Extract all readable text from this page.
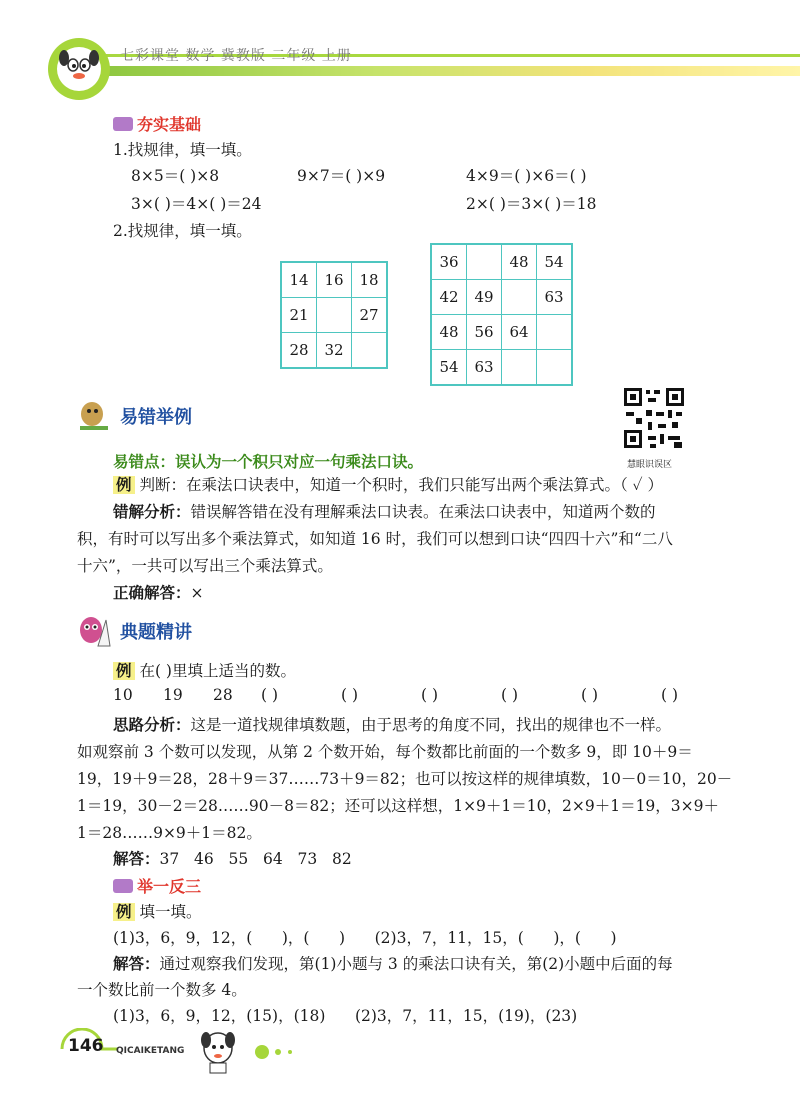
七彩课堂 数学 冀教版 二年级 上册
夯实基础
1.找规律，填一填。
8×5＝( )×8	9×7＝( )×9	4×9＝( )×6＝( )
3×( )＝4×( )＝24	2×( )＝3×( )＝18
2.找规律，填一填。
14	16	18
21		27
28	32	
36		48	54
42	49		63
48	56	64	
54	63		
慧眼识误区
易错举例
易错点：误认为一个积只对应一句乘法口诀。
例 判断：在乘法口诀表中，知道一个积时，我们只能写出两个乘法算式。（ ✓ ）
错解分析：错误解答错在没有理解乘法口诀表。在乘法口诀表中，知道两个数的
积，有时可以写出多个乘法算式，如知道 16 时，我们可以想到口诀“四四十六”和“二八
十六”，一共可以写出三个乘法算式。
正确解答：×
典题精讲
例 在( )里填上适当的数。
10	19	28	( )	( )	( )	( )	( )	( )
思路分析：这是一道找规律填数题，由于思考的角度不同，找出的规律也不一样。
如观察前 3 个数可以发现，从第 2 个数开始，每个数都比前面的一个数多 9，即 10＋9＝
19，19＋9＝28，28＋9＝37……73＋9＝82；也可以按这样的规律填数，10－0＝10，20－
1＝19，30－2＝28……90－8＝82；还可以这样想，1×9＋1＝10，2×9＋1＝19，3×9＋
1＝28……9×9＋1＝82。
解答：37   46   55   64   73   82
举一反三
例 填一填。
(1)3，6，9，12，(      )，(      )      (2)3，7，11，15，(      )，(      )
解答：通过观察我们发现，第(1)小题与 3 的乘法口诀有关，第(2)小题中后面的每
一个数比前一个数多 4。
(1)3，6，9，12，(15)，(18)      (2)3，7，11，15，(19)，(23)
146 QICAIKETANG
